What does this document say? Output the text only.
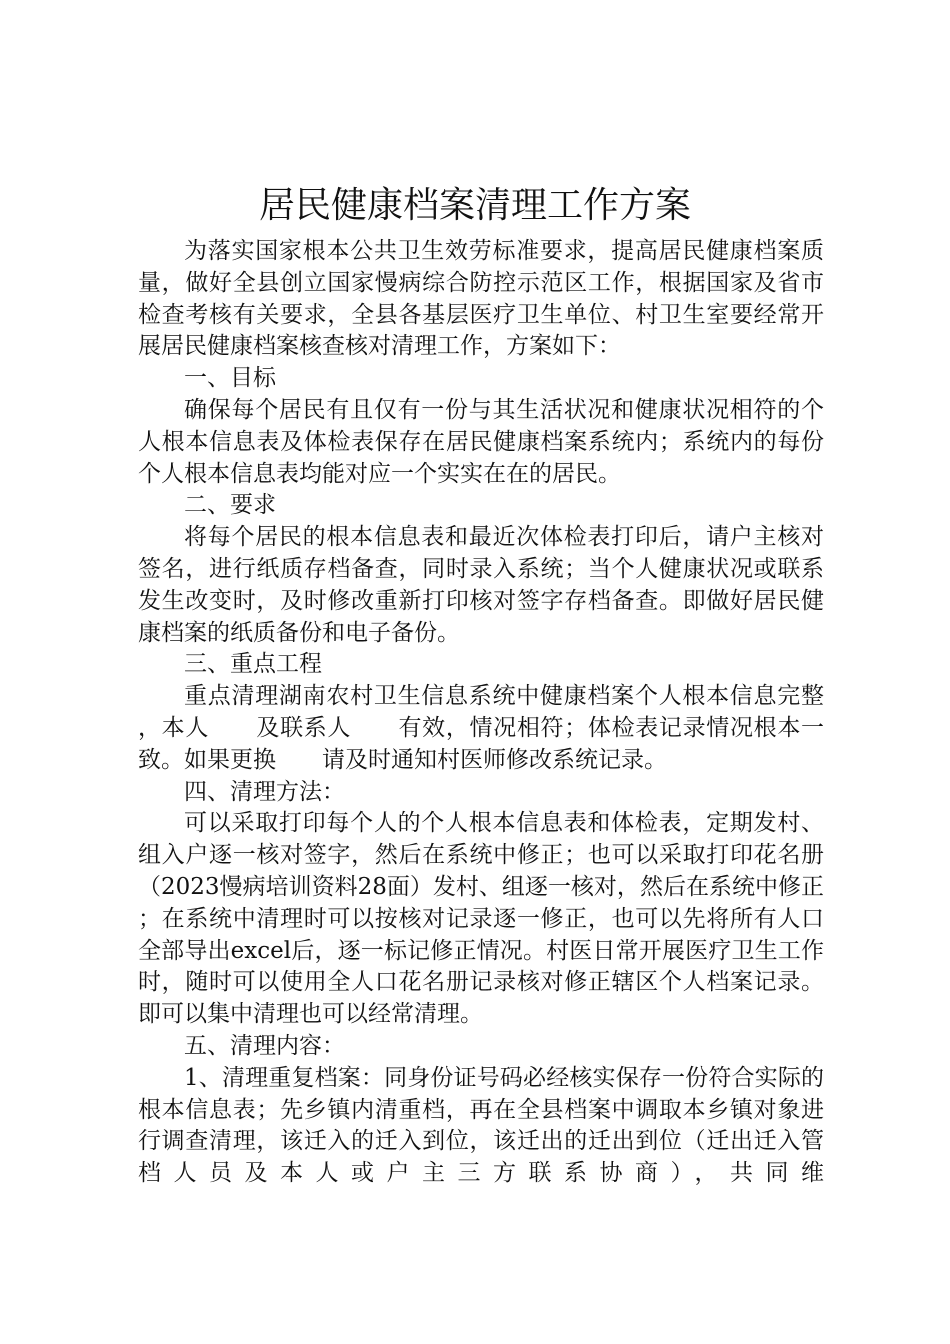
居民健康档案清理工作方案

为落实国家根本公共卫生效劳标准要求，提高居民健康档案质量，做好全县创立国家慢病综合防控示范区工作，根据国家及省市检查考核有关要求，全县各基层医疗卫生单位、村卫生室要经常开展居民健康档案核查核对清理工作，方案如下：

一、目标

确保每个居民有且仅有一份与其生活状况和健康状况相符的个人根本信息表及体检表保存在居民健康档案系统内；系统内的每份个人根本信息表均能对应一个实实在在的居民。

二、要求

将每个居民的根本信息表和最近次体检表打印后，请户主核对签名，进行纸质存档备查，同时录入系统；当个人健康状况或联系　　发生改变时，及时修改重新打印核对签字存档备查。即做好居民健康档案的纸质备份和电子备份。

三、重点工程

重点清理湖南农村卫生信息系统中健康档案个人根本信息完整，本人　　及联系人　　有效，情况相符；体检表记录情况根本一致。如果更换　　请及时通知村医师修改系统记录。

四、清理方法：

可以采取打印每个人的个人根本信息表和体检表，定期发村、组入户逐一核对签字，然后在系统中修正；也可以采取打印花名册（2023慢病培训资料28面）发村、组逐一核对，然后在系统中修正；在系统中清理时可以按核对记录逐一修正，也可以先将所有人口全部导出excel后，逐一标记修正情况。村医日常开展医疗卫生工作时，随时可以使用全人口花名册记录核对修正辖区个人档案记录。即可以集中清理也可以经常清理。

五、清理内容：

1、清理重复档案：同身份证号码必经核实保存一份符合实际的根本信息表；先乡镇内清重档，再在全县档案中调取本乡镇对象进行调查清理，该迁入的迁入到位，该迁出的迁出到位（迁出迁入管档人员及本人或户主三方联系协商），共同维
